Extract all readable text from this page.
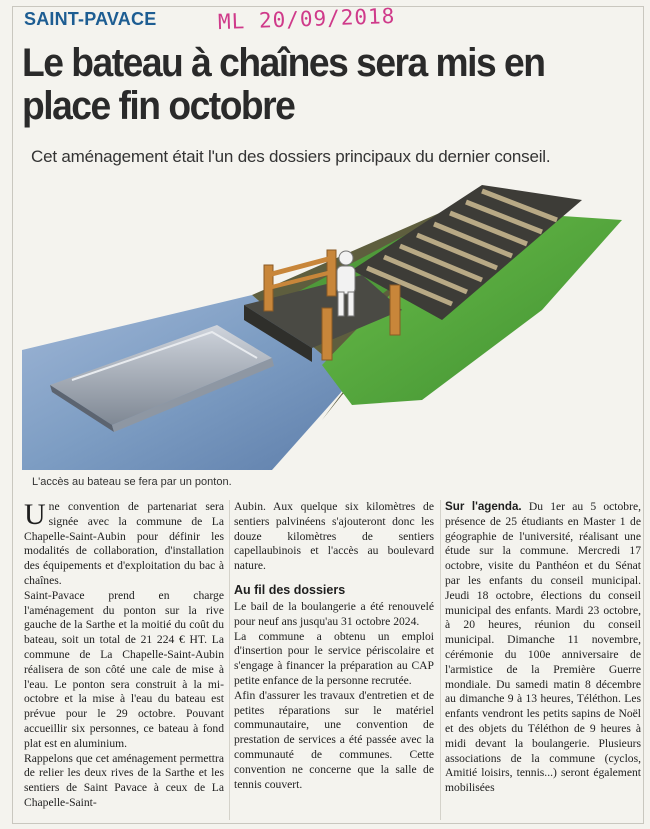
SAINT-PAVACE	ML 20/09/2018
Le bateau à chaînes sera mis en place fin octobre
Cet aménagement était l'un des dossiers principaux du dernier conseil.
L'accès au bateau se fera par un ponton.

Une convention de partenariat sera signée avec la commune de La Chapelle-Saint-Aubin pour définir les modalités de collaboration, d'installation des équipements et d'exploitation du bac à chaînes.

Saint-Pavace prend en charge l'aménagement du ponton sur la rive gauche de la Sarthe et la moitié du coût du bateau, soit un total de 21 224 € HT. La commune de La Chapelle-Saint-Aubin réalisera de son côté une cale de mise à l'eau. Le ponton sera construit à la mi-octobre et la mise à l'eau du bateau est prévue pour le 29 octobre. Pouvant accueillir six personnes, ce bateau à fond plat est en aluminium.

Rappelons que cet aménagement permettra de relier les deux rives de la Sarthe et les sentiers de Saint Pavace à ceux de La Chapelle-Saint-

Aubin. Aux quelque six kilomètres de sentiers palvinéens s'ajouteront donc les douze kilomètres de sentiers capellaubinois et l'accès au boulevard nature.

Au fil des dossiers

Le bail de la boulangerie a été renouvelé pour neuf ans jusqu'au 31 octobre 2024.

La commune a obtenu un emploi d'insertion pour le service périscolaire et s'engage à financer la préparation au CAP petite enfance de la personne recrutée.

Afin d'assurer les travaux d'entretien et de petites réparations sur le matériel communautaire, une convention de prestation de services a été passée avec la communauté de communes. Cette convention ne concerne que la salle de tennis couvert.

Sur l'agenda. Du 1er au 5 octobre, présence de 25 étudiants en Master 1 de géographie de l'université, réalisant une étude sur la commune. Mercredi 17 octobre, visite du Panthéon et du Sénat par les enfants du conseil municipal. Jeudi 18 octobre, élections du conseil municipal des enfants. Mardi 23 octobre, à 20 heures, réunion du conseil municipal. Dimanche 11 novembre, cérémonie du 100e anniversaire de l'armistice de la Première Guerre mondiale. Du samedi matin 8 décembre au dimanche 9 à 13 heures, Téléthon. Les enfants vendront les petits sapins de Noël et des objets du Téléthon de 9 heures à midi devant la boulangerie. Plusieurs associations de la commune (cyclos, Amitié loisirs, tennis...) seront également mobilisées
